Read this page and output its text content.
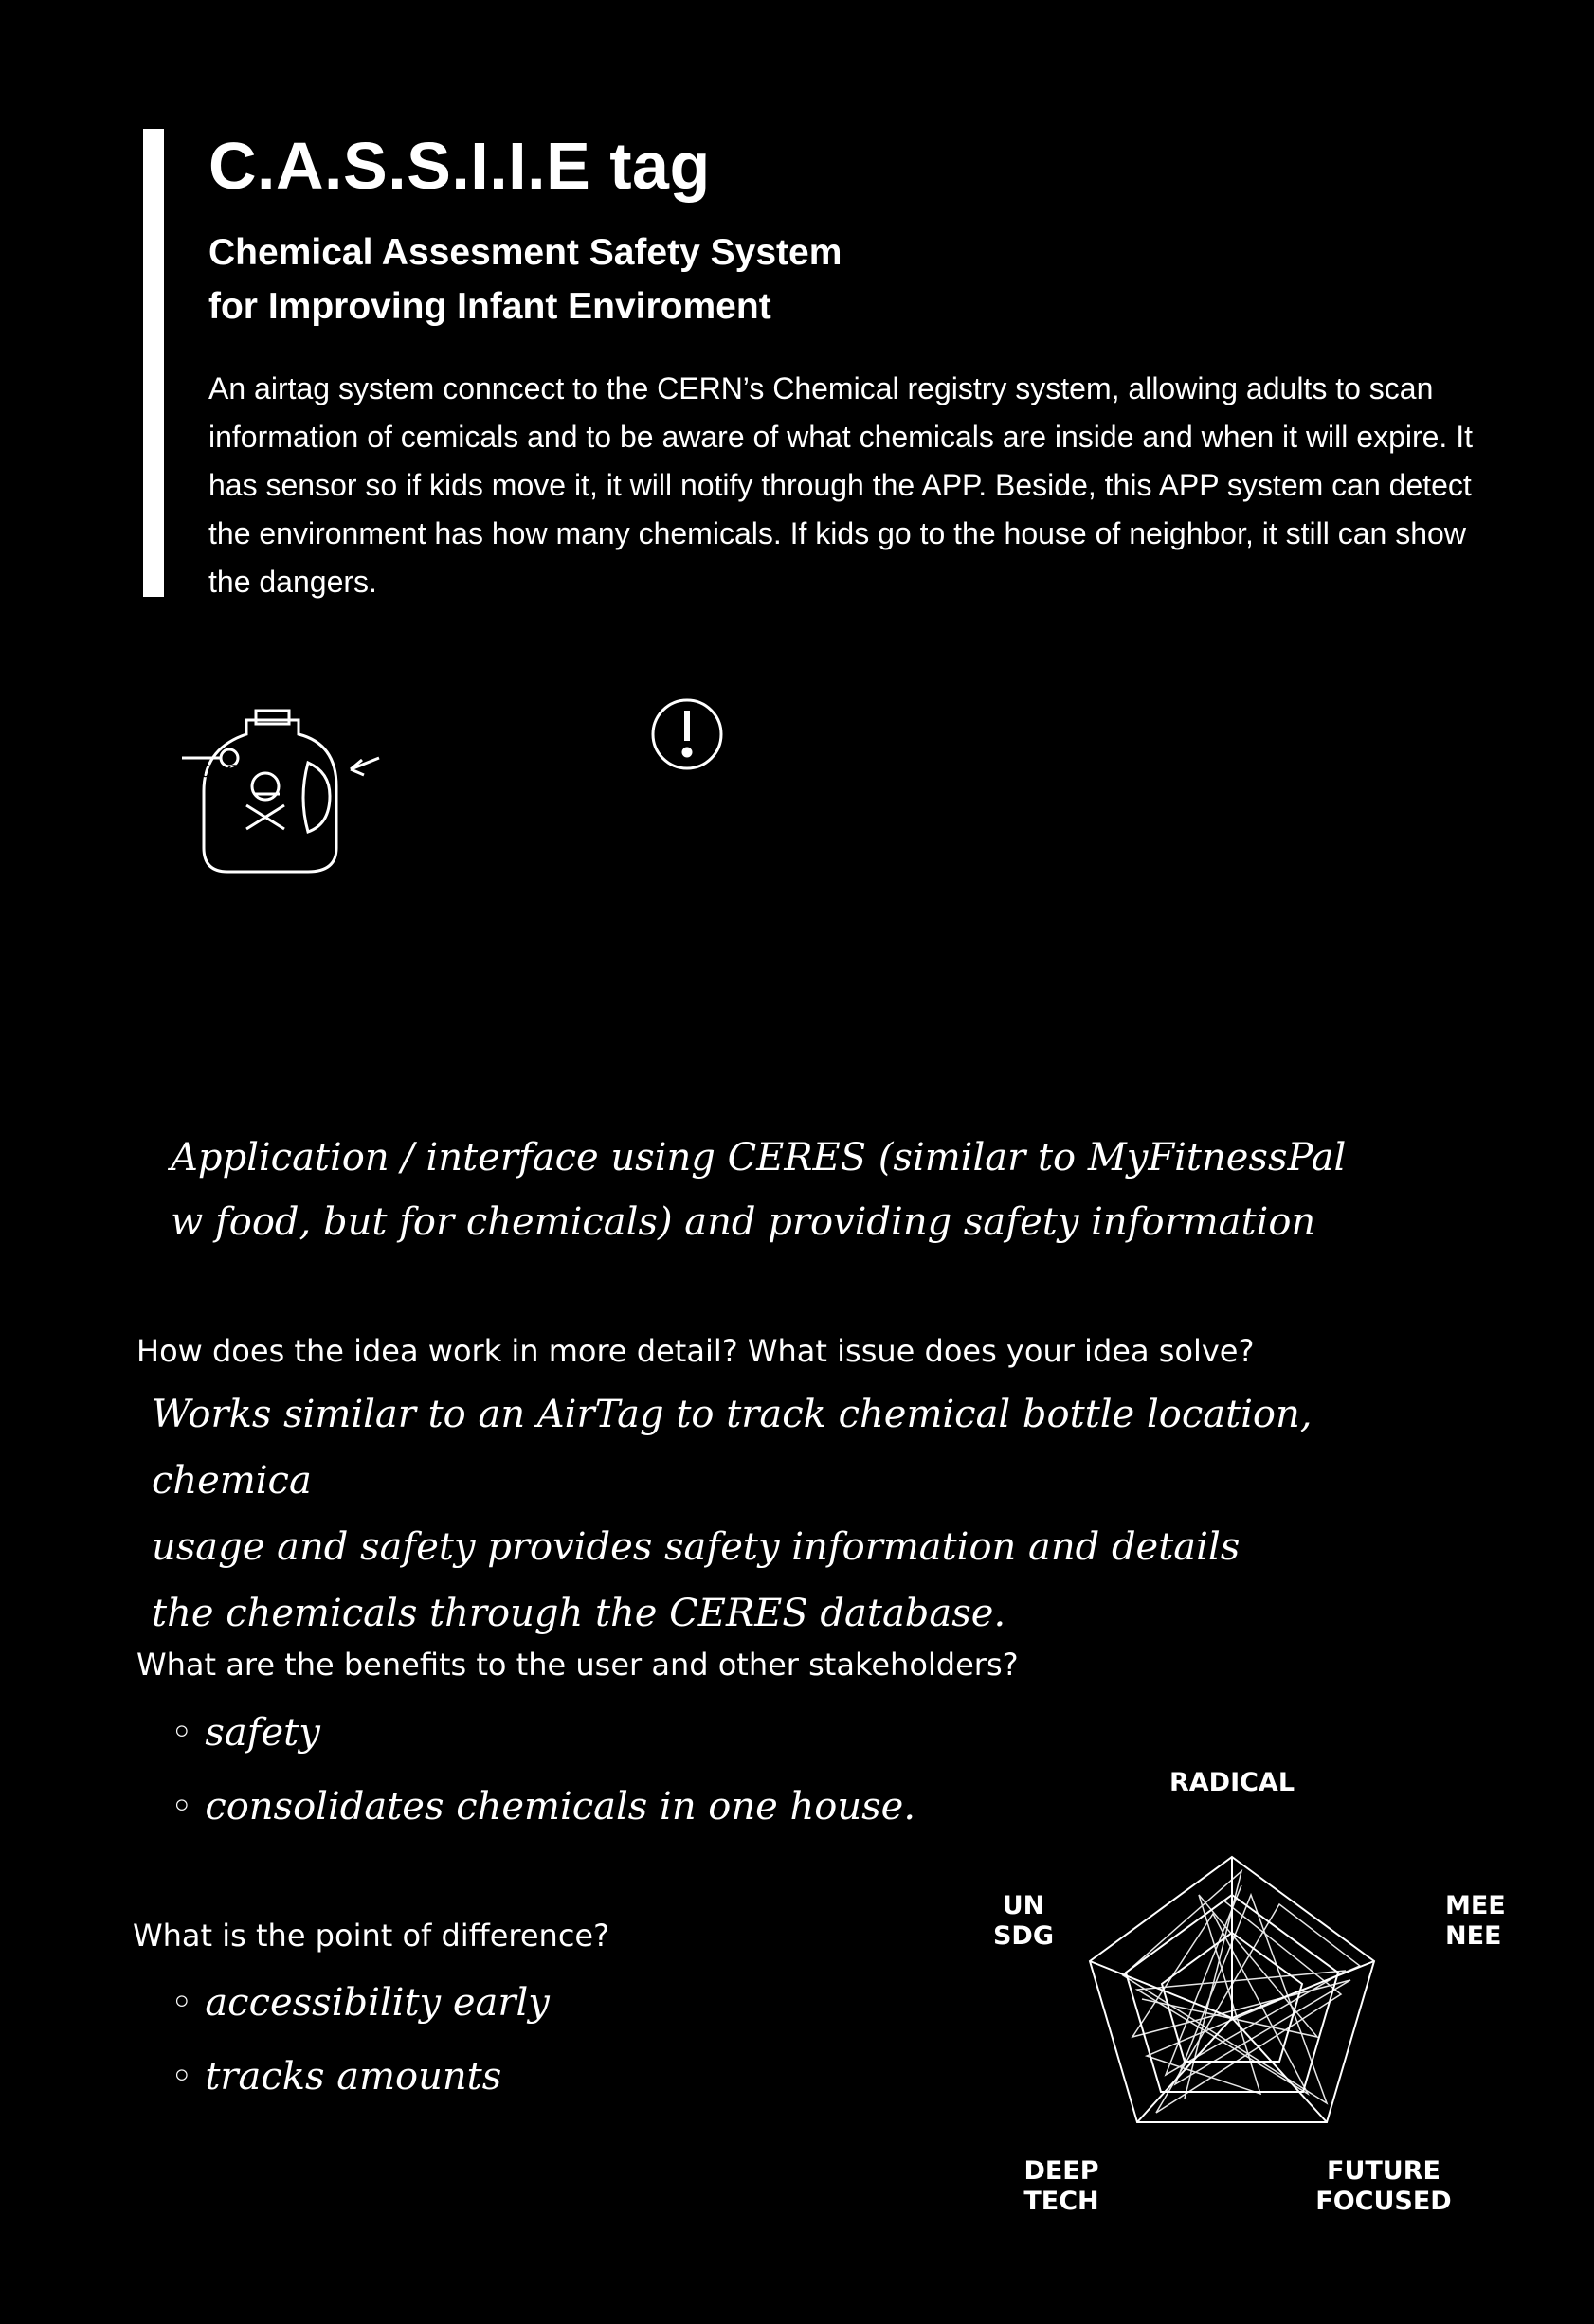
C.A.S.S.I.I.E tag
Chemical Assesment Safety System
for Improving Infant Enviroment

An airtag system conncect to the CERN’s Chemical registry system, allowing adults to scan information of cemicals and to be aware of what chemicals are inside and when it will expire. It has sensor so if kids move it, it will notify through the APP. Beside, this APP system can detect the environment has how many chemicals. If kids go to the house of neighbor, it still can show the dangers.

cassie tag.
bleach bottle
detects movement
detects volume
detects usage
provides info on exposure
C.A.S.S.I.I.E Tag
allocation + scan storage
on CERES application
motion detection: if bottle
is used, how much is used.
(allows for knowledge if an
unauthorised use of the
chemical takes place)
Application / interface using CERES (similar to MyFitnessPal
w food, but for chemicals) and providing safety information

How does the idea work in more detail? What issue does your idea solve?

Works similar to an AirTag to track chemical bottle location, chemica
usage and safety provides safety information and details
the chemicals through the CERES database.

What are the benefits to the user and other stakeholders?

◦ safety
◦ consolidates chemicals in one house.

What is the point of difference?

◦ accessibility early
◦ tracks amounts
RADICAL
MEE
NEE
UN
SDG
DEEP
TECH
FUTURE
FOCUSED
